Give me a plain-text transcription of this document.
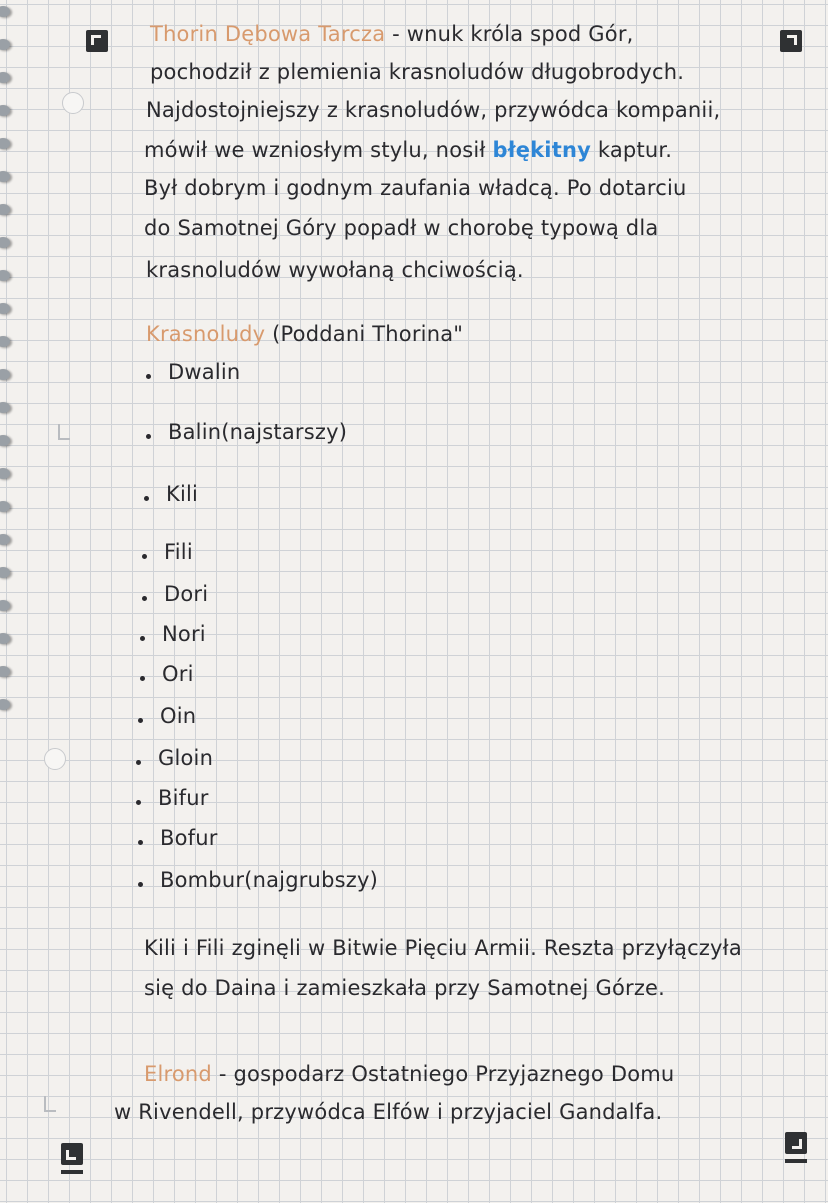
Thorin Dębowa Tarcza - wnuk króla spod Gór,
pochodził z plemienia krasnoludów długobrodych.
Najdostojniejszy z krasnoludów, przywódca kompanii,
mówił we wzniosłym stylu, nosił błękitny kaptur.
Był dobrym i godnym zaufania władcą. Po dotarciu
do Samotnej Góry popadł w chorobę typową dla
krasnoludów wywołaną chciwością.
Krasnoludy (Poddani Thorina"
Dwalin
Balin(najstarszy)
Kili
Fili
Dori
Nori
Ori
Oin
Gloin
Bifur
Bofur
Bombur(najgrubszy)
Kili i Fili zginęli w Bitwie Pięciu Armii. Reszta przyłączyła
się do Daina i zamieszkała przy Samotnej Górze.
Elrond - gospodarz Ostatniego Przyjaznego Domu
w Rivendell, przywódca Elfów i przyjaciel Gandalfa.
